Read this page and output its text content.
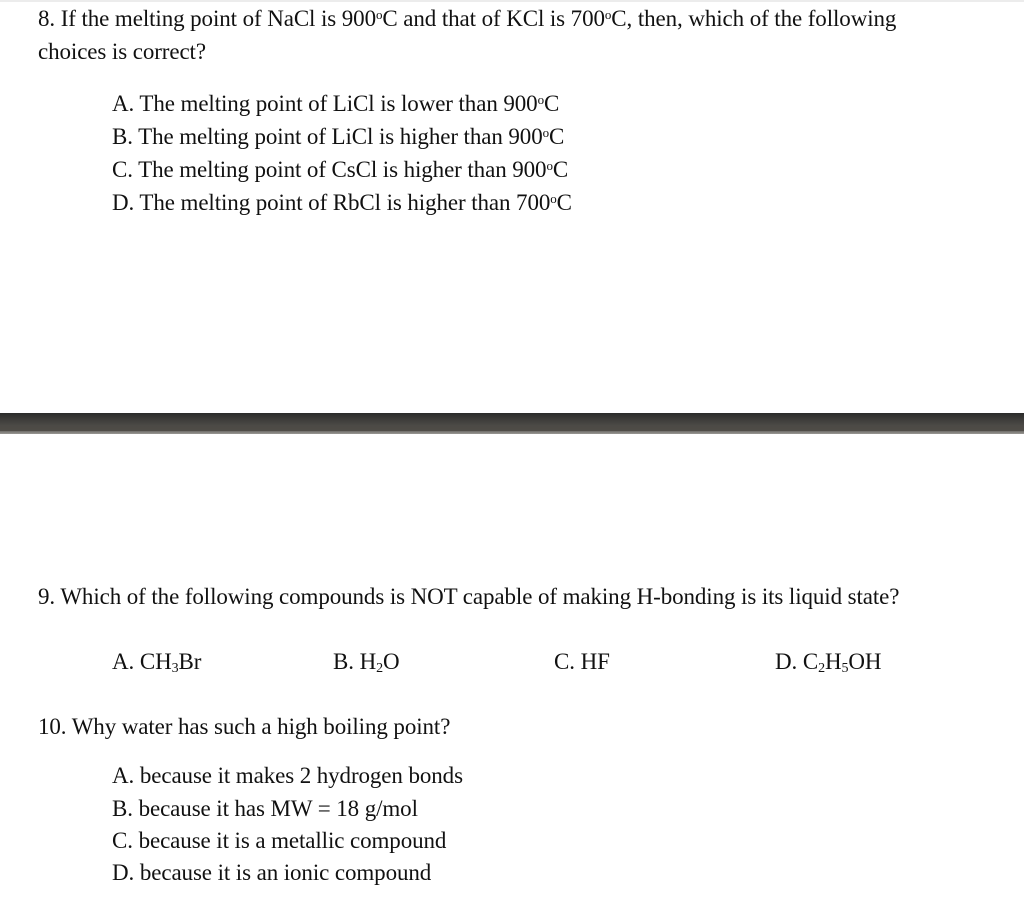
8. If the melting point of NaCl is 900$^o$C and that of KCl is 700$^o$C, then, which of the following
choices is correct?
A. The melting point of LiCl is lower than 900$^o$C
B. The melting point of LiCl is higher than 900$^o$C
C. The melting point of CsCl is higher than 900$^o$C
D. The melting point of RbCl is higher than 700$^o$C
9. Which of the following compounds is NOT capable of making H-bonding is its liquid state?
A. $CH_3Br$	B. $H_2O$	C. HF	D. $C_2H_5OH$
10. Why water has such a high boiling point?
A. because it makes 2 hydrogen bonds
B. because it has MW = 18 g/mol
C. because it is a metallic compound
D. because it is an ionic compound
